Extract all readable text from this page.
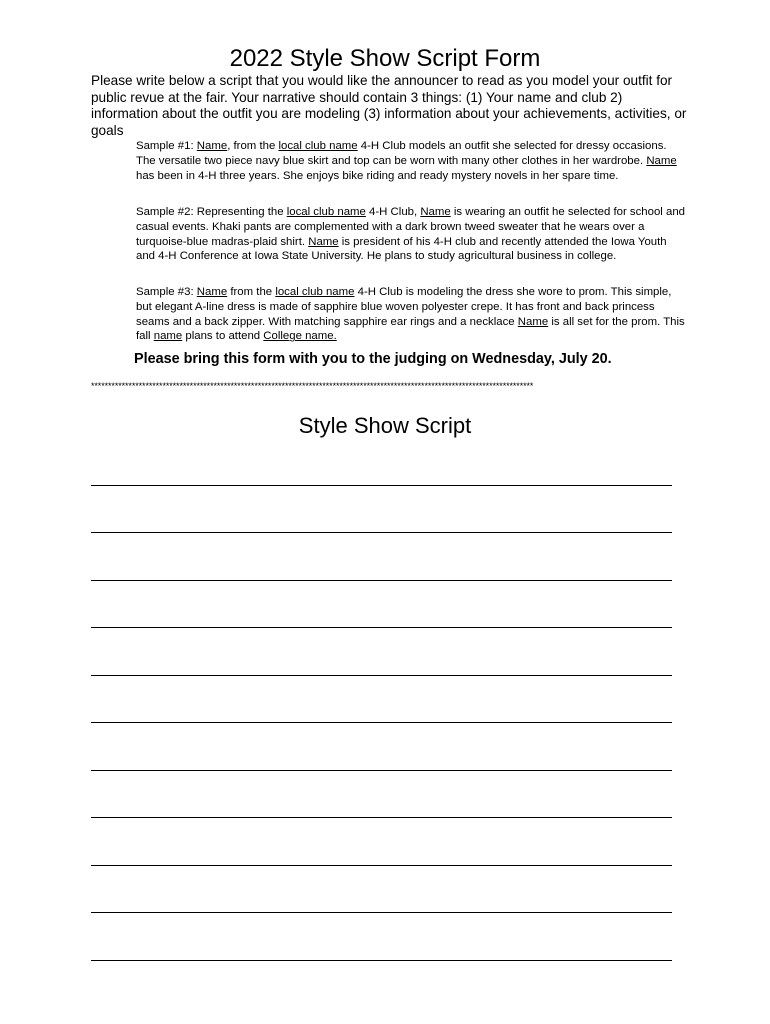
2022 Style Show Script Form
Please write below a script that you would like the announcer to read as you model your outfit for public revue at the fair. Your narrative should contain 3 things: (1) Your name and club 2) information about the outfit you are modeling (3) information about your achievements, activities, or goals
Sample #1: Name, from the local club name 4-H Club models an outfit she selected for dressy occasions. The versatile two piece navy blue skirt and top can be worn with many other clothes in her wardrobe. Name has been in 4-H three years. She enjoys bike riding and ready mystery novels in her spare time.
Sample #2: Representing the local club name 4-H Club, Name is wearing an outfit he selected for school and casual events. Khaki pants are complemented with a dark brown tweed sweater that he wears over a turquoise-blue madras-plaid shirt. Name is president of his 4-H club and recently attended the Iowa Youth and 4-H Conference at Iowa State University. He plans to study agricultural business in college.
Sample #3: Name from the local club name 4-H Club is modeling the dress she wore to prom. This simple, but elegant A-line dress is made of sapphire blue woven polyester crepe. It has front and back princess seams and a back zipper. With matching sapphire ear rings and a necklace Name is all set for the prom. This fall name plans to attend College name.
Please bring this form with you to the judging on Wednesday, July 20.
**********************************************************************************************************************************
Style Show Script
